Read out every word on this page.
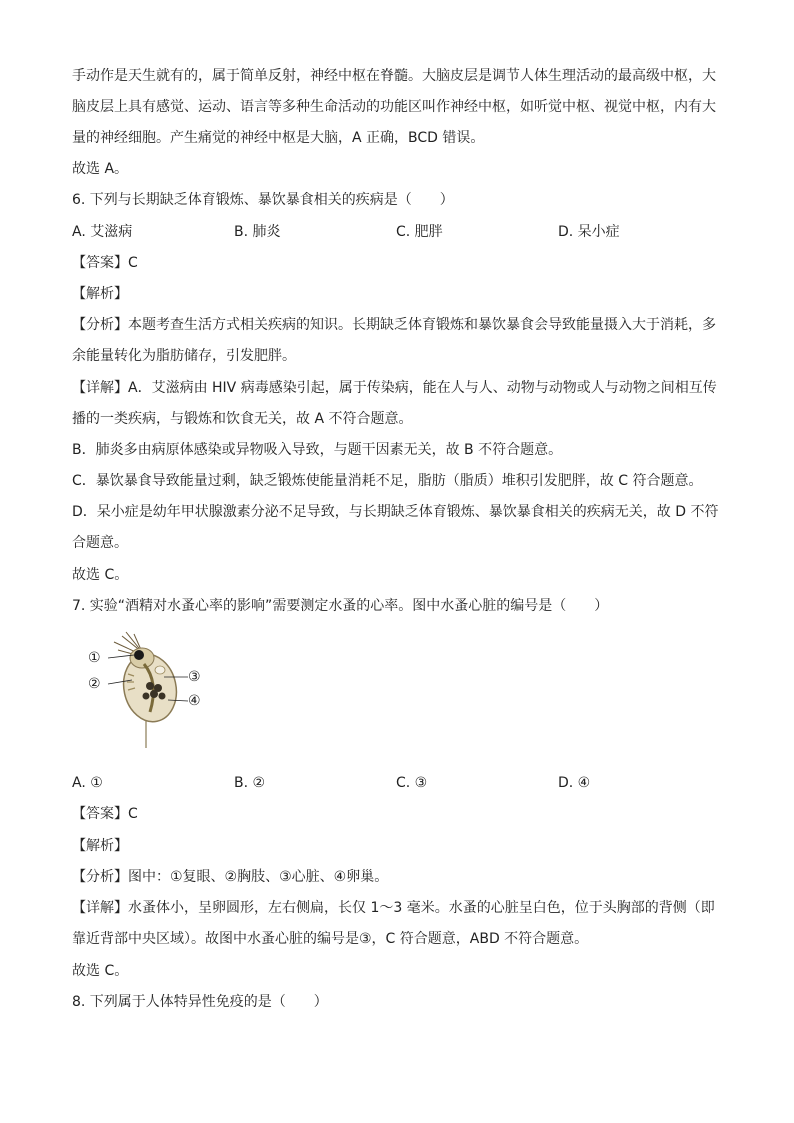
手动作是天生就有的，属于简单反射，神经中枢在脊髓。大脑皮层是调节人体生理活动的最高级中枢，大
脑皮层上具有感觉、运动、语言等多种生命活动的功能区叫作神经中枢，如听觉中枢、视觉中枢，内有大
量的神经细胞。产生痛觉的神经中枢是大脑，A 正确，BCD 错误。
故选 A。
6. 下列与长期缺乏体育锻炼、暴饮暴食相关的疾病是（　　）
A. 艾滋病	B. 肺炎	C. 肥胖	D. 呆小症
【答案】C
【解析】
【分析】本题考查生活方式相关疾病的知识。长期缺乏体育锻炼和暴饮暴食会导致能量摄入大于消耗，多
余能量转化为脂肪储存，引发肥胖。
【详解】A．艾滋病由 HIV 病毒感染引起，属于传染病，能在人与人、动物与动物或人与动物之间相互传
播的一类疾病，与锻炼和饮食无关，故 A 不符合题意。
B．肺炎多由病原体感染或异物吸入导致，与题干因素无关，故 B 不符合题意。
C．暴饮暴食导致能量过剩，缺乏锻炼使能量消耗不足，脂肪（脂质）堆积引发肥胖，故 C 符合题意。
D．呆小症是幼年甲状腺激素分泌不足导致，与长期缺乏体育锻炼、暴饮暴食相关的疾病无关，故 D 不符
合题意。
故选 C。
7. 实验“酒精对水蚤心率的影响”需要测定水蚤的心率。图中水蚤心脏的编号是（　　）
①
②	③
④
A. ①	B. ②	C. ③	D. ④
【答案】C
【解析】
【分析】图中：①复眼、②胸肢、③心脏、④卵巢。
【详解】水蚤体小，呈卵圆形，左右侧扁，长仅 1～3 毫米。水蚤的心脏呈白色，位于头胸部的背侧（即
靠近背部中央区域）。故图中水蚤心脏的编号是③，C 符合题意，ABD 不符合题意。
故选 C。
8. 下列属于人体特异性免疫的是（　　）
